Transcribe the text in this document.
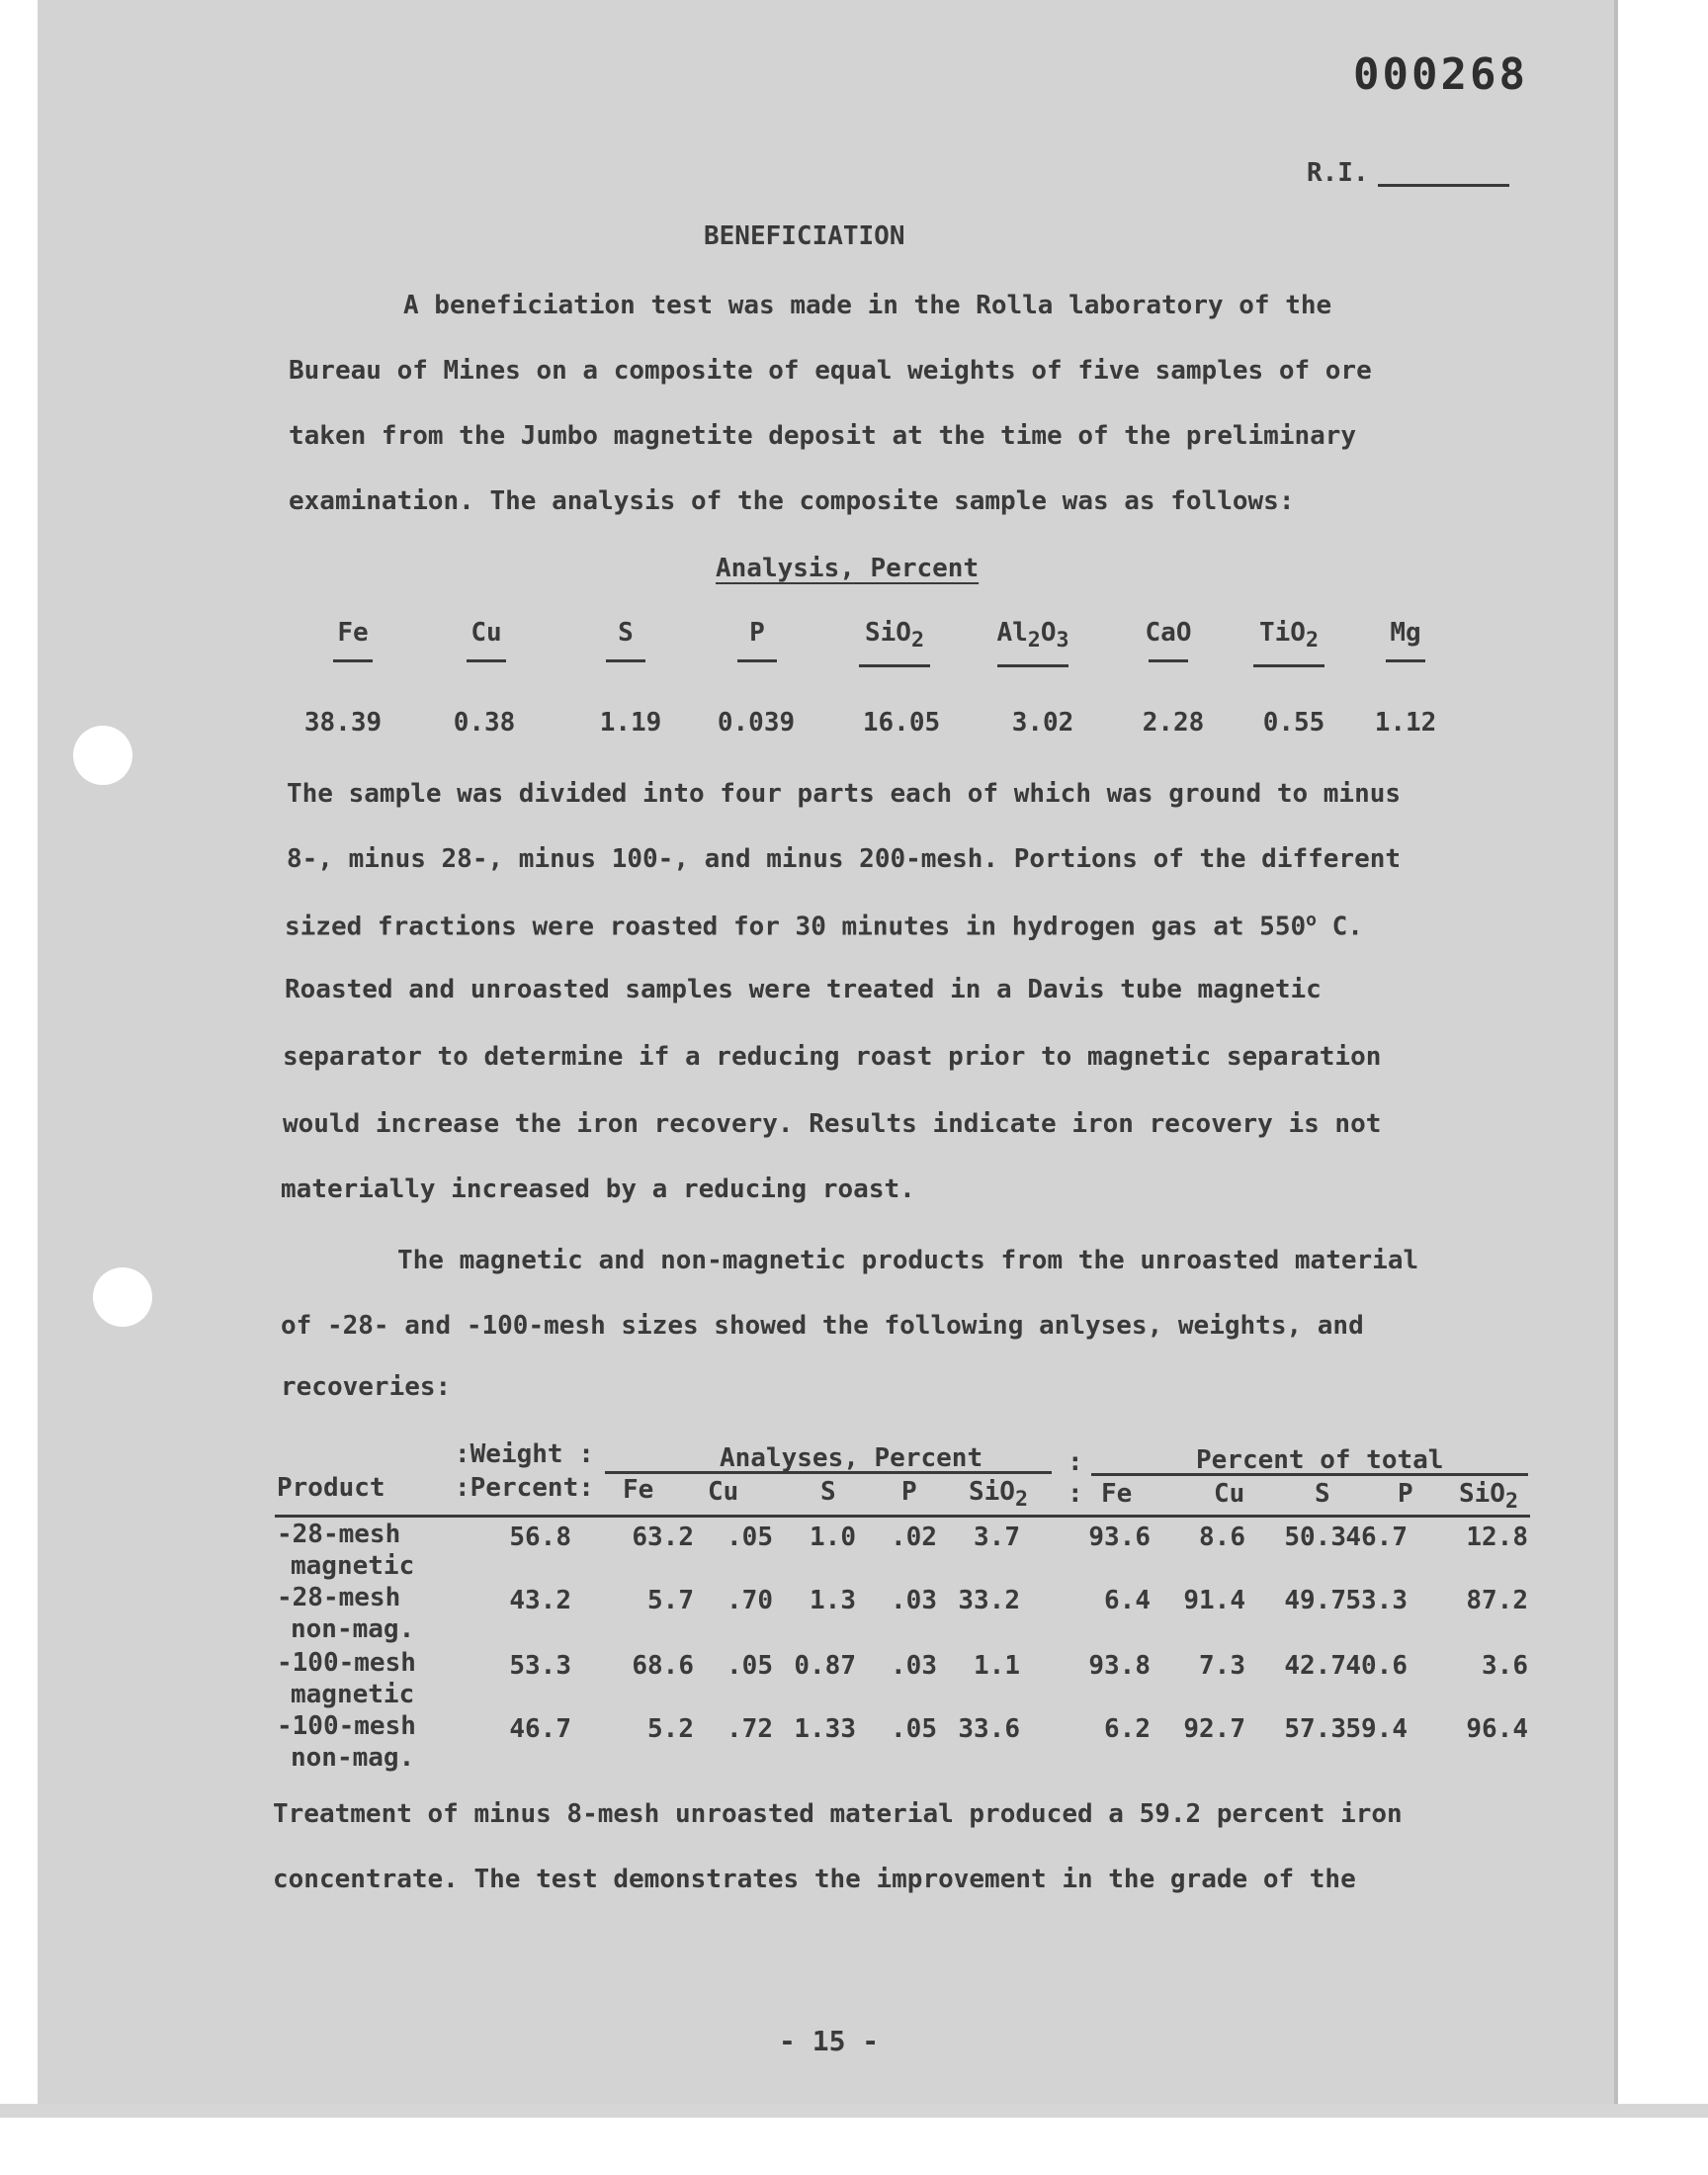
000268
R.I.
BENEFICIATION
A beneficiation test was made in the Rolla laboratory of the
Bureau of Mines on a composite of equal weights of five samples of ore
taken from the Jumbo magnetite deposit at the time of the preliminary
examination. The analysis of the composite sample was as follows:
Analysis, Percent
Fe	Cu	S	P	SiO$_2$	$Al_2O_3$	CaO	TiO$_2$	Mg
38.39	0.38	1.19	0.039	16.05	3.02	2.28	0.55	1.12
The sample was divided into four parts each of which was ground to minus
8-, minus 28-, minus 100-, and minus 200-mesh. Portions of the different
sized fractions were roasted for 30 minutes in hydrogen gas at 550$^o$ C.
Roasted and unroasted samples were treated in a Davis tube magnetic
separator to determine if a reducing roast prior to magnetic separation
would increase the iron recovery. Results indicate iron recovery is not
materially increased by a reducing roast.
The magnetic and non-magnetic products from the unroasted material
of -28- and -100-mesh sizes showed the following anlyses, weights, and
recoveries:
:Weight :	Analyses, Percent	:	Percent of total
Product	:Percent: Fe Cu	S	P SiO$_2$ : Fe	Cu	S	P SiO$_2$
-28-mesh
magnetic
56.8 63.2 .05 1.0 .02 3.7	93.6 8.6 50.3 46.7 12.8
-28-mesh
non-mag.
43.2	5.7 .70 1.3 .03 33.2	6.4 91.4 49.7 53.3 87.2
-100-mesh
magnetic
53.3 68.6 .05 0.87 .03 1.1	93.8 7.3 42.7 40.6	3.6
-100-mesh
non-mag.
46.7	5.2 .72 1.33 .05 33.6	6.2 92.7 57.3 59.4 96.4
Treatment of minus 8-mesh unroasted material produced a 59.2 percent iron
concentrate. The test demonstrates the improvement in the grade of the
- 15 -
